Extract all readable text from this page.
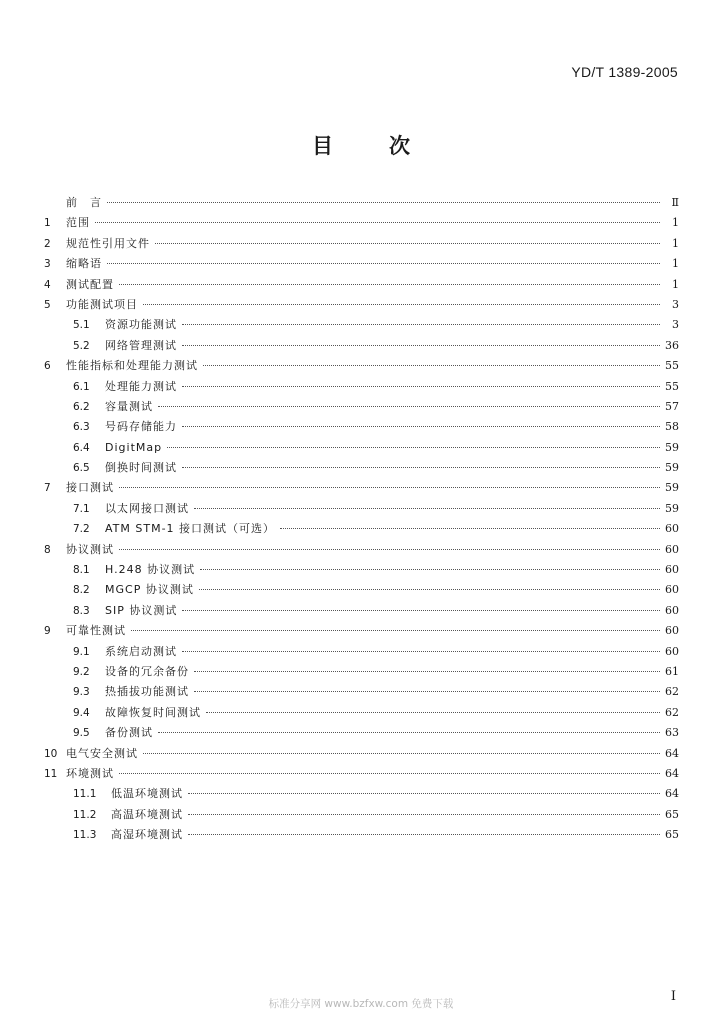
YD/T 1389-2005
目	次
前　言	Ⅱ
1	范围	1
2	规范性引用文件	1
3	缩略语	1
4	测试配置	1
5	功能测试项目	3
5.1	资源功能测试	3
5.2	网络管理测试	36
6	性能指标和处理能力测试	55
6.1	处理能力测试	55
6.2	容量测试	57
6.3	号码存储能力	58
6.4	DigitMap	59
6.5	倒换时间测试	59
7	接口测试	59
7.1	以太网接口测试	59
7.2	ATM STM-1 接口测试（可选）	60
8	协议测试	60
8.1	H.248 协议测试	60
8.2	MGCP 协议测试	60
8.3	SIP 协议测试	60
9	可靠性测试	60
9.1	系统启动测试	60
9.2	设备的冗余备份	61
9.3	热插拔功能测试	62
9.4	故障恢复时间测试	62
9.5	备份测试	63
10 电气安全测试	64
11 环境测试	64
11.1	低温环境测试	64
11.2	高温环境测试	65
11.3	高湿环境测试	65
标准分享网 www.bzfxw.com 免费下载	I
